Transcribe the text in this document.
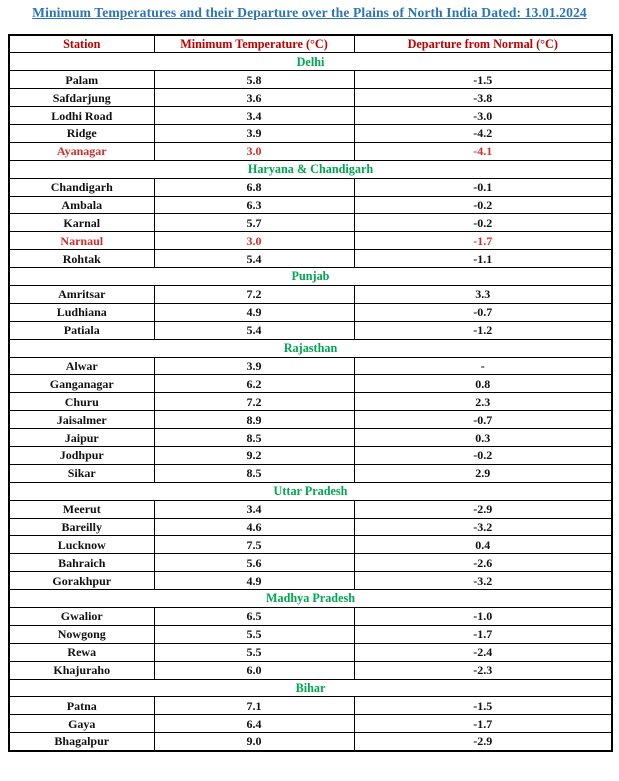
Minimum Temperatures and their Departure over the Plains of North India Dated: 13.01.2024
Station	Minimum Temperature (°C)	Departure from Normal (°C)
Delhi		
Palam	5.8	-1.5
Safdarjung	3.6	-3.8
Lodhi Road	3.4	-3.0
Ridge	3.9	-4.2
Ayanagar	3.0	-4.1
Haryana & Chandigarh		
Chandigarh	6.8	-0.1
Ambala	6.3	-0.2
Karnal	5.7	-0.2
Narnaul	3.0	-1.7
Rohtak	5.4	-1.1
Punjab		
Amritsar	7.2	3.3
Ludhiana	4.9	-0.7
Patiala	5.4	-1.2
Rajasthan		
Alwar	3.9	-
Ganganagar	6.2	0.8
Churu	7.2	2.3
Jaisalmer	8.9	-0.7
Jaipur	8.5	0.3
Jodhpur	9.2	-0.2
Sikar	8.5	2.9
Uttar Pradesh		
Meerut	3.4	-2.9
Bareilly	4.6	-3.2
Lucknow	7.5	0.4
Bahraich	5.6	-2.6
Gorakhpur	4.9	-3.2
Madhya Pradesh		
Gwalior	6.5	-1.0
Nowgong	5.5	-1.7
Rewa	5.5	-2.4
Khajuraho	6.0	-2.3
Bihar		
Patna	7.1	-1.5
Gaya	6.4	-1.7
Bhagalpur	9.0	-2.9
